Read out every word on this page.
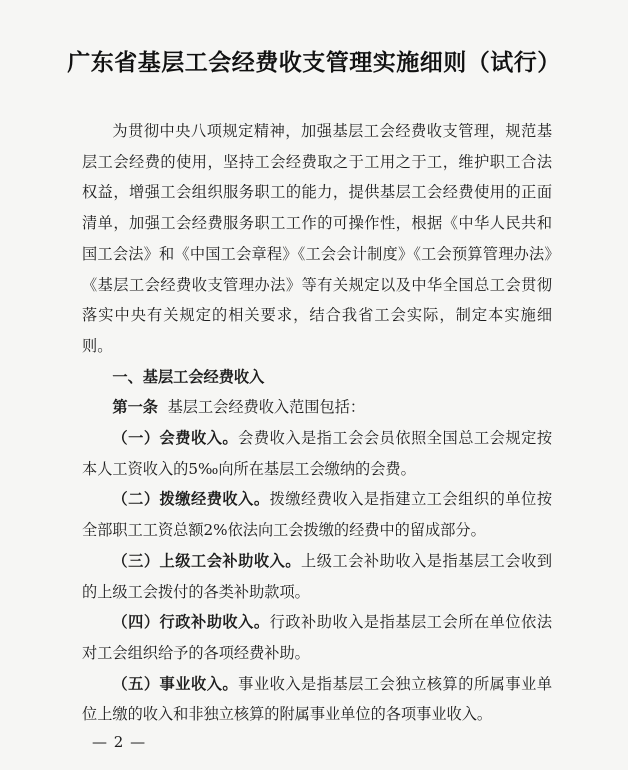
广东省基层工会经费收支管理实施细则（试行）

为贯彻中央八项规定精神，加强基层工会经费收支管理，规范基层工会经费的使用，坚持工会经费取之于工用之于工，维护职工合法权益，增强工会组织服务职工的能力，提供基层工会经费使用的正面清单，加强工会经费服务职工工作的可操作性，根据《中华人民共和国工会法》和《中国工会章程》《工会会计制度》《工会预算管理办法》《基层工会经费收支管理办法》等有关规定以及中华全国总工会贯彻落实中央有关规定的相关要求，结合我省工会实际，制定本实施细则。

一、基层工会经费收入

第一条 基层工会经费收入范围包括：

（一）会费收入。会费收入是指工会会员依照全国总工会规定按本人工资收入的5‰向所在基层工会缴纳的会费。

（二）拨缴经费收入。拨缴经费收入是指建立工会组织的单位按全部职工工资总额2%依法向工会拨缴的经费中的留成部分。

（三）上级工会补助收入。上级工会补助收入是指基层工会收到的上级工会拨付的各类补助款项。

（四）行政补助收入。行政补助收入是指基层工会所在单位依法对工会组织给予的各项经费补助。

（五）事业收入。事业收入是指基层工会独立核算的所属事业单位上缴的收入和非独立核算的附属事业单位的各项事业收入。

— 2 —
